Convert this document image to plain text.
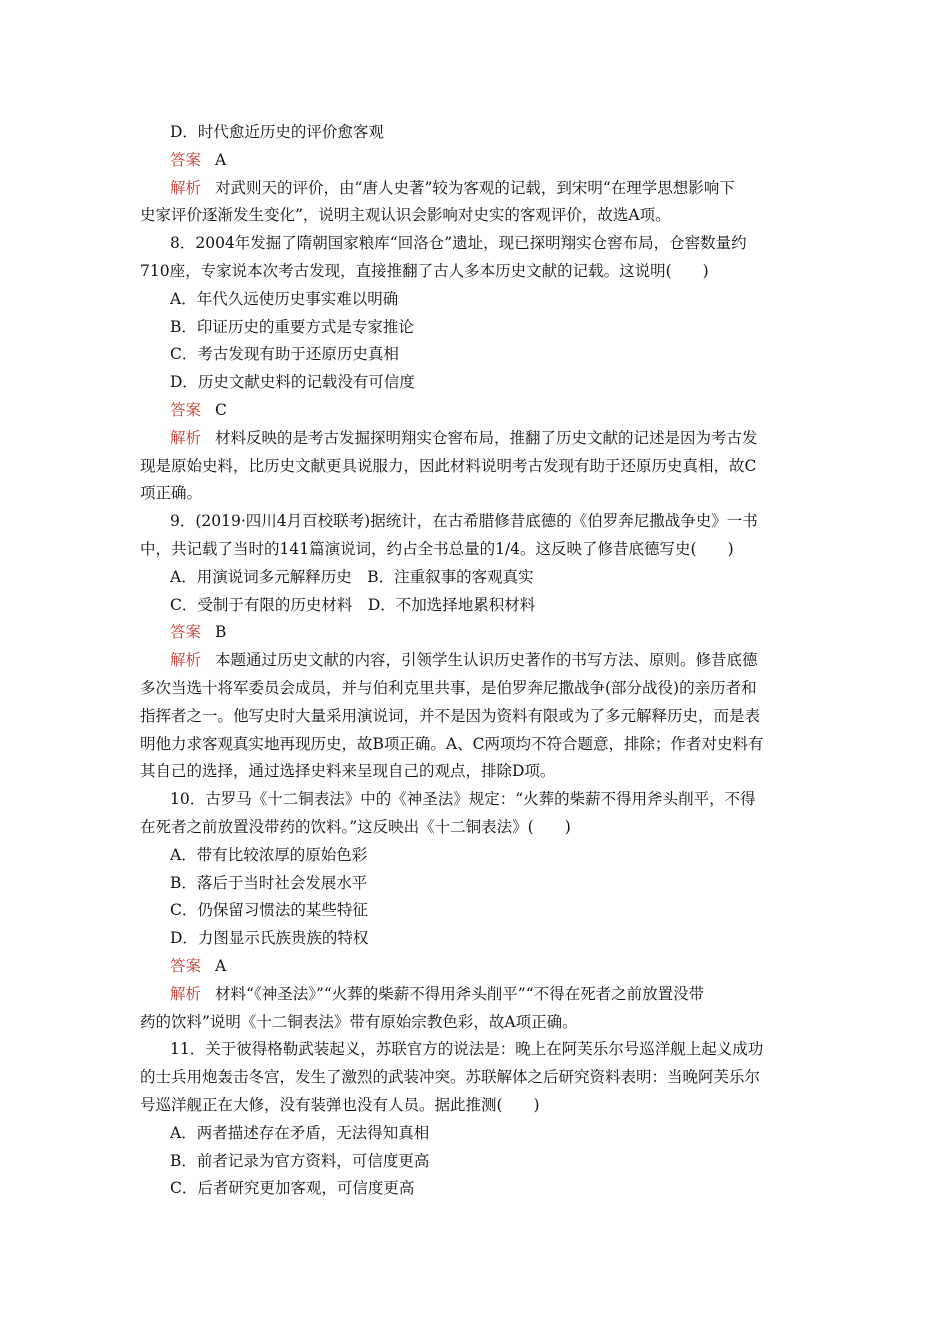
D．时代愈近历史的评价愈客观
答案 A
解析 对武则天的评价，由“唐人史著”较为客观的记载，到宋明“在理学思想影响下
史家评价逐渐发生变化”，说明主观认识会影响对史实的客观评价，故选A项。
8．2004年发掘了隋朝国家粮库“回洛仓”遗址，现已探明翔实仓窖布局，仓窖数量约
710座，专家说本次考古发现，直接推翻了古人多本历史文献的记载。这说明(　　)
A．年代久远使历史事实难以明确
B．印证历史的重要方式是专家推论
C．考古发现有助于还原历史真相
D．历史文献史料的记载没有可信度
答案 C
解析 材料反映的是考古发掘探明翔实仓窖布局，推翻了历史文献的记述是因为考古发
现是原始史料，比历史文献更具说服力，因此材料说明考古发现有助于还原历史真相，故C
项正确。
9．(2019·四川4月百校联考)据统计，在古希腊修昔底德的《伯罗奔尼撒战争史》一书
中，共记载了当时的141篇演说词，约占全书总量的1/4。这反映了修昔底德写史(　　)
A．用演说词多元解释历史　B．注重叙事的客观真实
C．受制于有限的历史材料　D．不加选择地累积材料
答案 B
解析 本题通过历史文献的内容，引领学生认识历史著作的书写方法、原则。修昔底德
多次当选十将军委员会成员，并与伯利克里共事，是伯罗奔尼撒战争(部分战役)的亲历者和
指挥者之一。他写史时大量采用演说词，并不是因为资料有限或为了多元解释历史，而是表
明他力求客观真实地再现历史，故B项正确。A、C两项均不符合题意，排除；作者对史料有
其自己的选择，通过选择史料来呈现自己的观点，排除D项。
10．古罗马《十二铜表法》中的《神圣法》规定：“火葬的柴薪不得用斧头削平，不得
在死者之前放置没带药的饮料。”这反映出《十二铜表法》(　　)
A．带有比较浓厚的原始色彩
B．落后于当时社会发展水平
C．仍保留习惯法的某些特征
D．力图显示氏族贵族的特权
答案 A
解析 材料“《神圣法》”“火葬的柴薪不得用斧头削平”“不得在死者之前放置没带
药的饮料”说明《十二铜表法》带有原始宗教色彩，故A项正确。
11．关于彼得格勒武装起义，苏联官方的说法是：晚上在阿芙乐尔号巡洋舰上起义成功
的士兵用炮轰击冬宫，发生了激烈的武装冲突。苏联解体之后研究资料表明：当晚阿芙乐尔
号巡洋舰正在大修，没有装弹也没有人员。据此推测(　　)
A．两者描述存在矛盾，无法得知真相
B．前者记录为官方资料，可信度更高
C．后者研究更加客观，可信度更高
